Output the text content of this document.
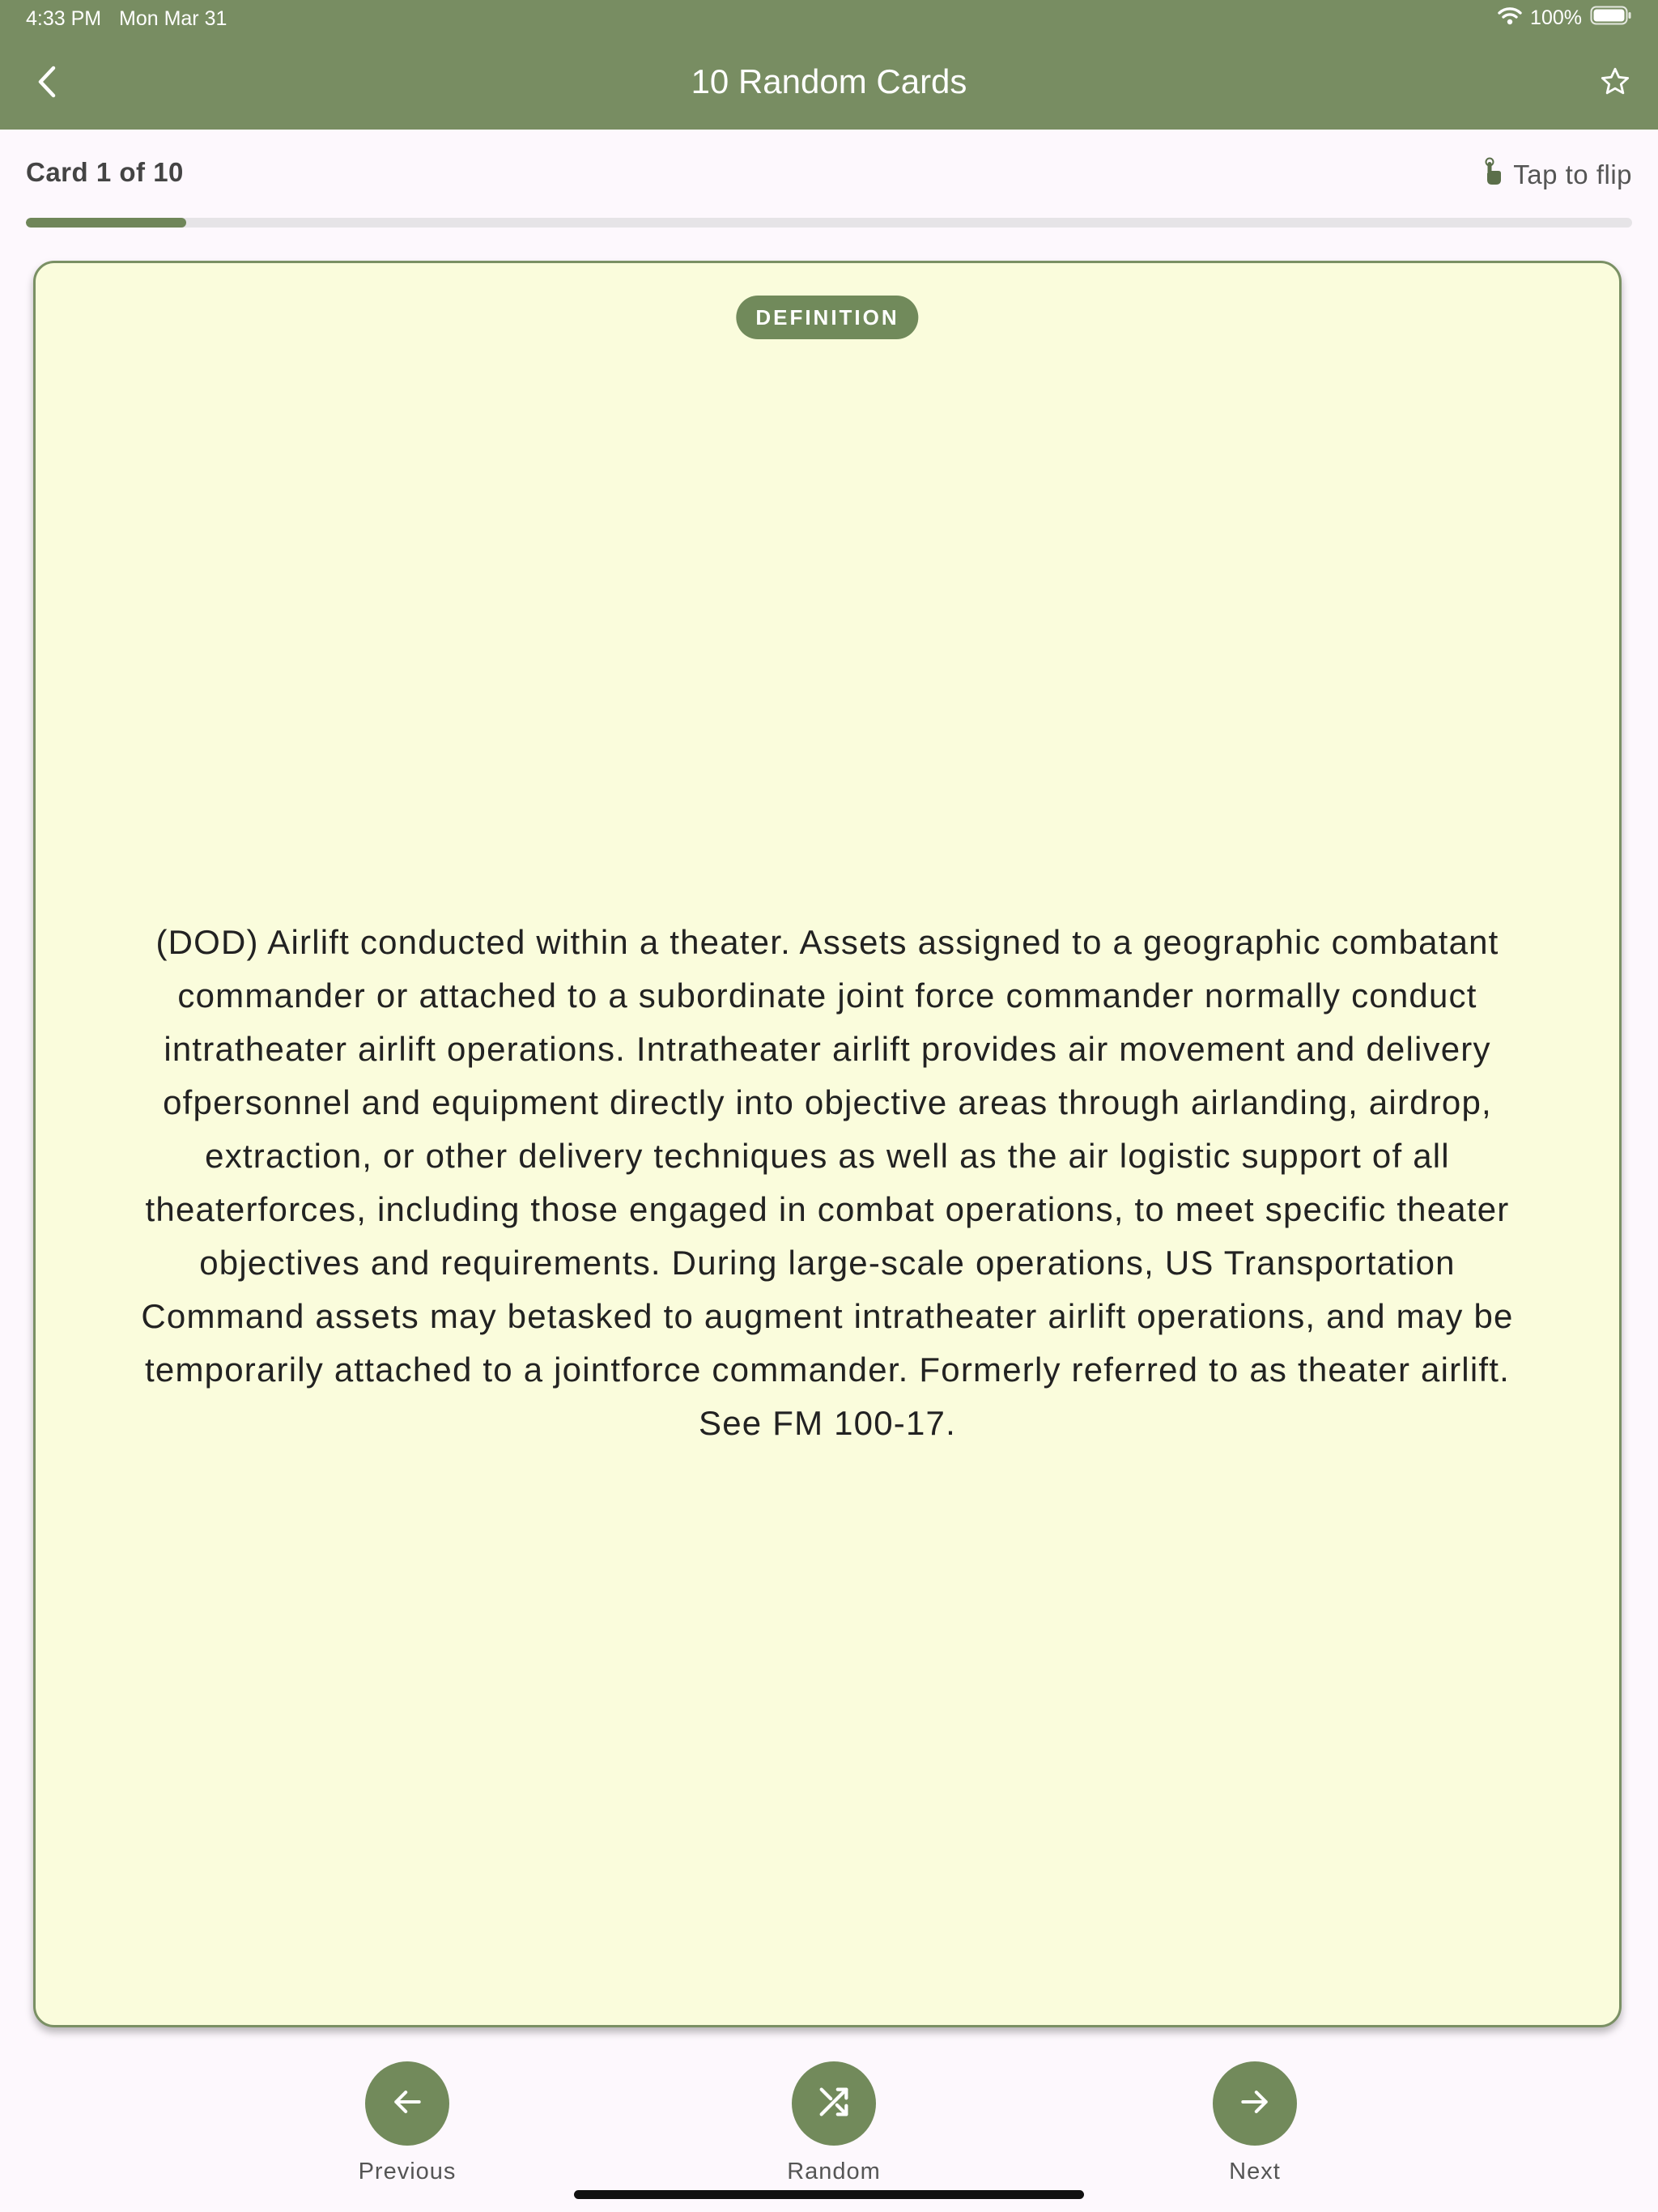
4:33 PM Mon Mar 31	100%
10 Random Cards
Card 1 of 10	Tap to flip
DEFINITION
(DOD) Airlift conducted within a theater. Assets assigned to a geographic combatant
commander or attached to a subordinate joint force commander normally conduct
intratheater airlift operations. Intratheater airlift provides air movement and delivery
ofpersonnel and equipment directly into objective areas through airlanding, airdrop,
extraction, or other delivery techniques as well as the air logistic support of all
theaterforces, including those engaged in combat operations, to meet specific theater
objectives and requirements. During large-scale operations, US Transportation
Command assets may betasked to augment intratheater airlift operations, and may be
temporarily attached to a jointforce commander. Formerly referred to as theater airlift.
See FM 100-17.
Previous	Random	Next
